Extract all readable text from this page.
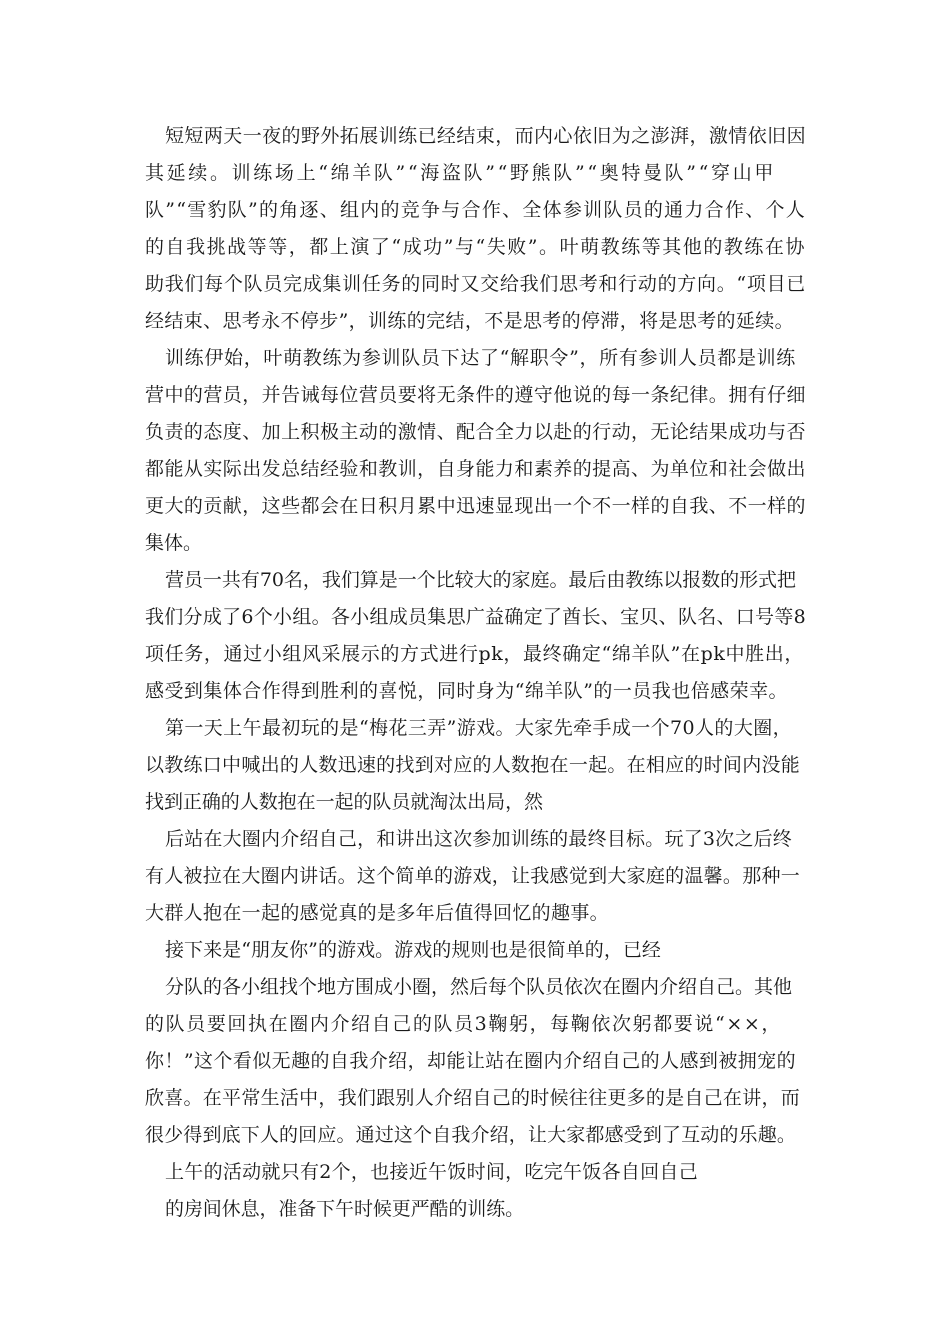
短短两天一夜的野外拓展训练已经结束，而内心依旧为之澎湃，激情依旧因
其延续。训练场上“绵羊队”“海盗队”“野熊队”“奥特曼队”“穿山甲
队”“雪豹队”的角逐、组内的竞争与合作、全体参训队员的通力合作、个人
的自我挑战等等，都上演了“成功”与“失败”。叶萌教练等其他的教练在协
助我们每个队员完成集训任务的同时又交给我们思考和行动的方向。“项目已
经结束、思考永不停步”，训练的完结，不是思考的停滞，将是思考的延续。
训练伊始，叶萌教练为参训队员下达了“解职令”，所有参训人员都是训练
营中的营员，并告诫每位营员要将无条件的遵守他说的每一条纪律。拥有仔细
负责的态度、加上积极主动的激情、配合全力以赴的行动，无论结果成功与否
都能从实际出发总结经验和教训，自身能力和素养的提高、为单位和社会做出
更大的贡献，这些都会在日积月累中迅速显现出一个不一样的自我、不一样的
集体。
营员一共有70名，我们算是一个比较大的家庭。最后由教练以报数的形式把
我们分成了6个小组。各小组成员集思广益确定了酋长、宝贝、队名、口号等8
项任务，通过小组风采展示的方式进行pk，最终确定“绵羊队”在pk中胜出，
感受到集体合作得到胜利的喜悦，同时身为“绵羊队”的一员我也倍感荣幸。
第一天上午最初玩的是“梅花三弄”游戏。大家先牵手成一个70人的大圈，
以教练口中喊出的人数迅速的找到对应的人数抱在一起。在相应的时间内没能
找到正确的人数抱在一起的队员就淘汰出局，然
后站在大圈内介绍自己，和讲出这次参加训练的最终目标。玩了3次之后终
有人被拉在大圈内讲话。这个简单的游戏，让我感觉到大家庭的温馨。那种一
大群人抱在一起的感觉真的是多年后值得回忆的趣事。
接下来是“朋友你”的游戏。游戏的规则也是很简单的，已经
分队的各小组找个地方围成小圈，然后每个队员依次在圈内介绍自己。其他
的队员要回执在圈内介绍自己的队员3鞠躬，每鞠依次躬都要说“××，
你！”这个看似无趣的自我介绍，却能让站在圈内介绍自己的人感到被拥宠的
欣喜。在平常生活中，我们跟别人介绍自己的时候往往更多的是自己在讲，而
很少得到底下人的回应。通过这个自我介绍，让大家都感受到了互动的乐趣。
上午的活动就只有2个，也接近午饭时间，吃完午饭各自回自己
的房间休息，准备下午时候更严酷的训练。
